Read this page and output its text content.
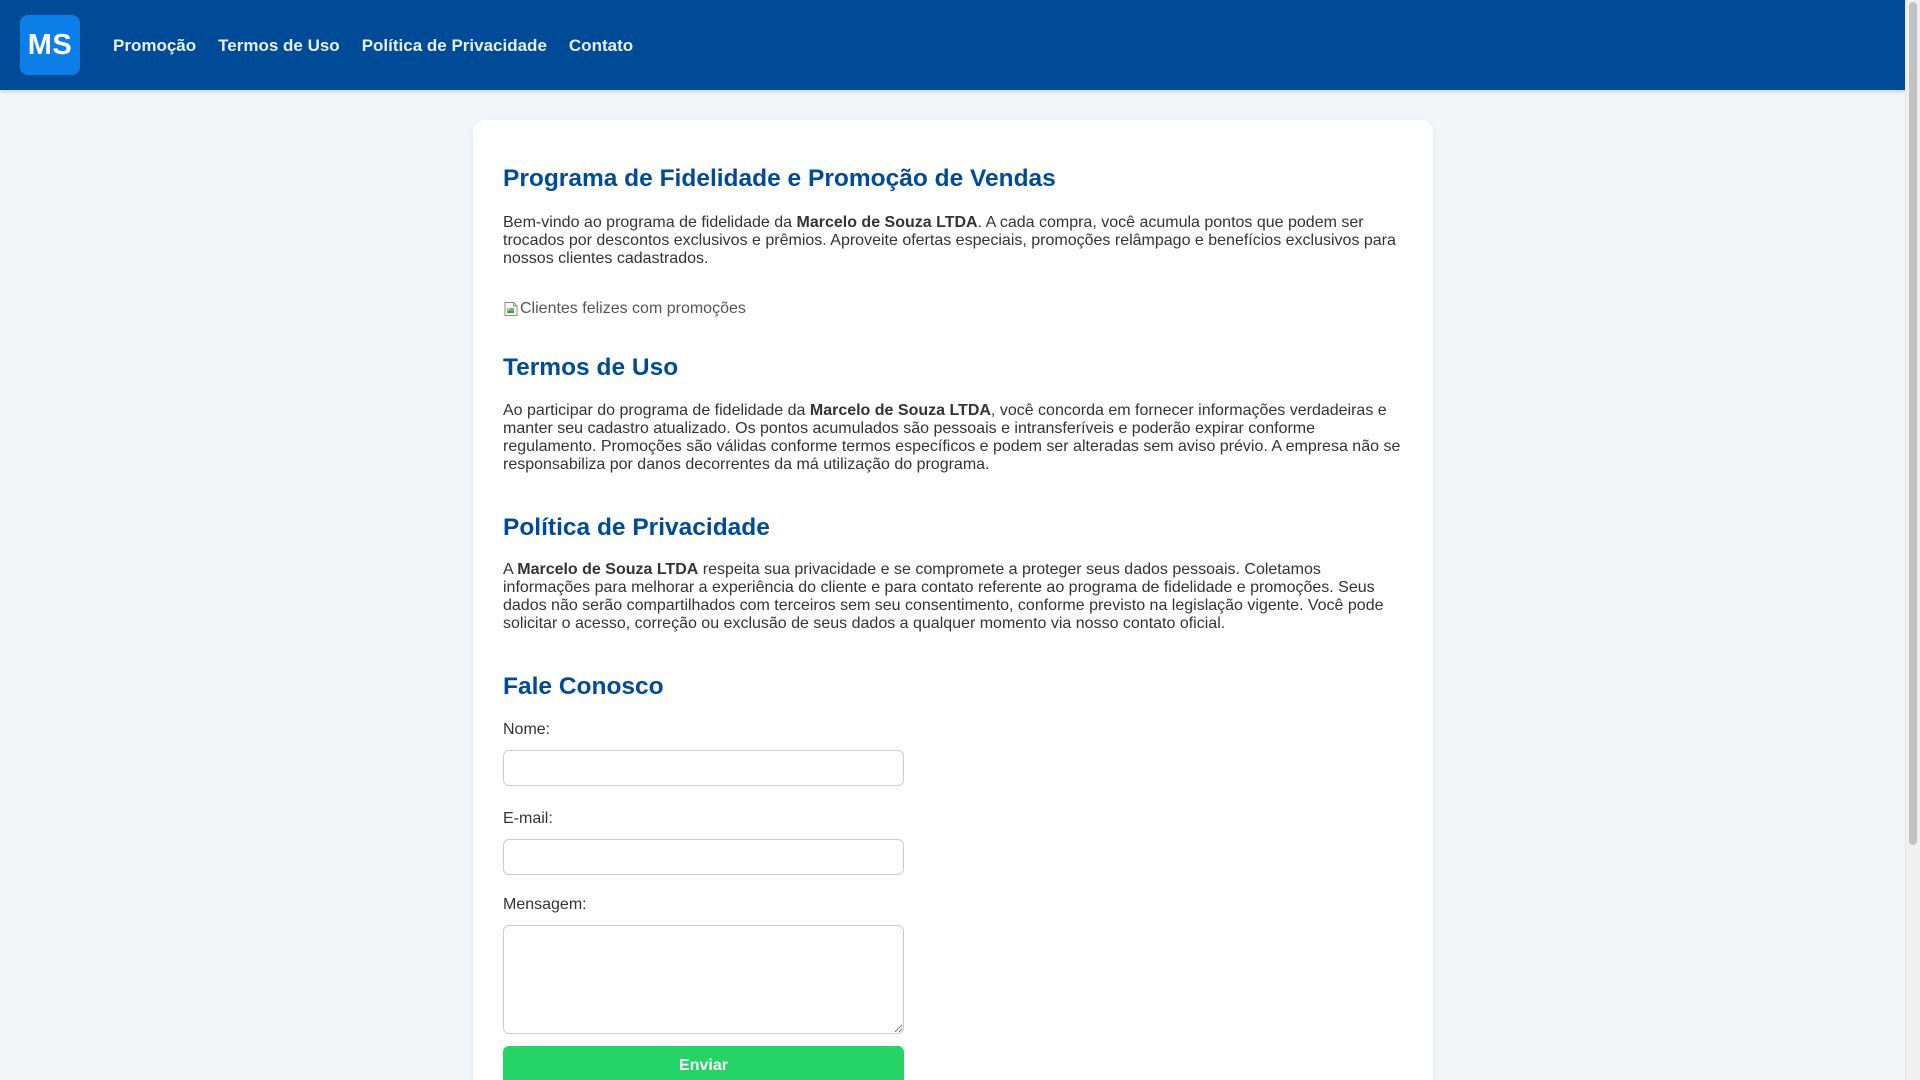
MS	Promoção Termos de Uso Política de Privacidade Contato
Programa de Fidelidade e Promoção de Vendas

Bem-vindo ao programa de fidelidade da Marcelo de Souza LTDA. A cada compra, você acumula pontos que podem ser trocados por descontos exclusivos e prêmios. Aproveite ofertas especiais, promoções relâmpago e benefícios exclusivos para nossos clientes cadastrados.

Clientes felizes com promoções
Termos de Uso

Ao participar do programa de fidelidade da Marcelo de Souza LTDA, você concorda em fornecer informações verdadeiras e manter seu cadastro atualizado. Os pontos acumulados são pessoais e intransferíveis e poderão expirar conforme regulamento. Promoções são válidas conforme termos específicos e podem ser alteradas sem aviso prévio. A empresa não se responsabiliza por danos decorrentes da má utilização do programa.

Política de Privacidade

A Marcelo de Souza LTDA respeita sua privacidade e se compromete a proteger seus dados pessoais. Coletamos informações para melhorar a experiência do cliente e para contato referente ao programa de fidelidade e promoções. Seus dados não serão compartilhados com terceiros sem seu consentimento, conforme previsto na legislação vigente. Você pode solicitar o acesso, correção ou exclusão de seus dados a qualquer momento via nosso contato oficial.

Fale Conosco
Nome:
E-mail:
Mensagem:
Enviar
